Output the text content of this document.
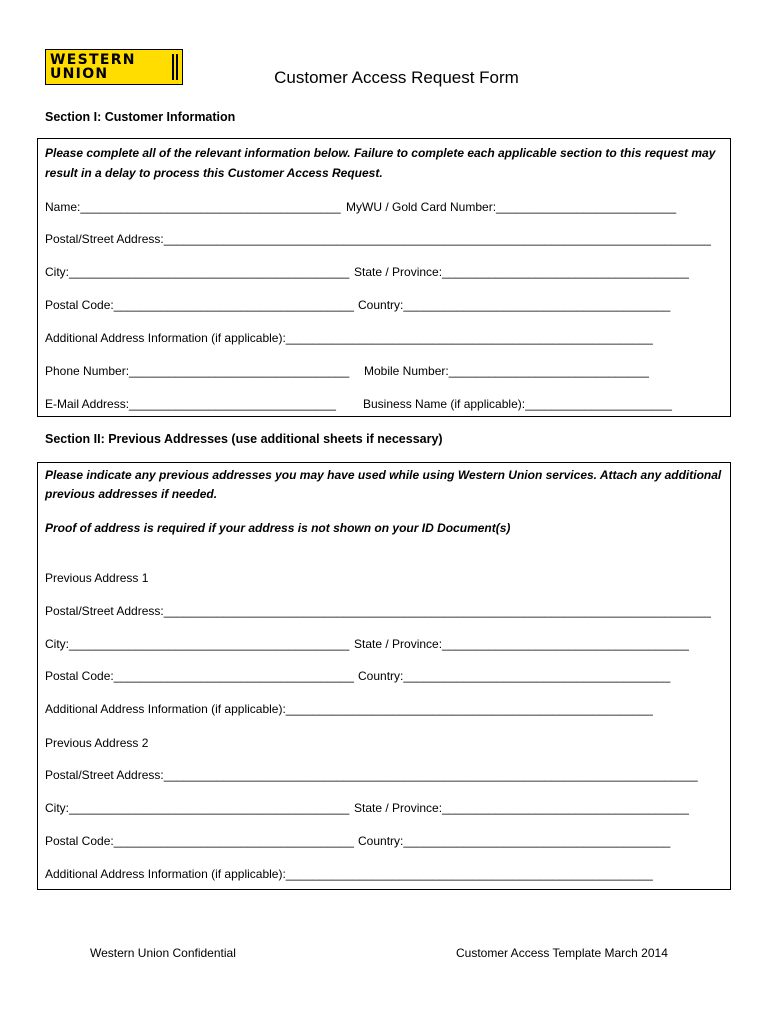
WESTERN
UNION	Customer Access Request Form
Section I: Customer Information
Please complete all of the relevant information below. Failure to complete each applicable section to this request may
result in a delay to process this Customer Access Request.
Name:_______________________________________ MyWU / Gold Card Number:___________________________
Postal/Street Address:__________________________________________________________________________________
City:__________________________________________ State / Province:_____________________________________
Postal Code:____________________________________ Country:________________________________________
Additional Address Information (if applicable):_______________________________________________________
Phone Number:_________________________________ Mobile Number:______________________________
E-Mail Address:_______________________________ Business Name (if applicable):______________________
Section II: Previous Addresses (use additional sheets if necessary)
Please indicate any previous addresses you may have used while using Western Union services. Attach any additional
previous addresses if needed.
Proof of address is required if your address is not shown on your ID Document(s)
Previous Address 1
Postal/Street Address:__________________________________________________________________________________
City:__________________________________________ State / Province:_____________________________________
Postal Code:____________________________________ Country:________________________________________
Additional Address Information (if applicable):_______________________________________________________
Previous Address 2
Postal/Street Address:________________________________________________________________________________
City:__________________________________________ State / Province:_____________________________________
Postal Code:____________________________________ Country:________________________________________
Additional Address Information (if applicable):_______________________________________________________
Western Union Confidential	Customer Access Template March 2014
